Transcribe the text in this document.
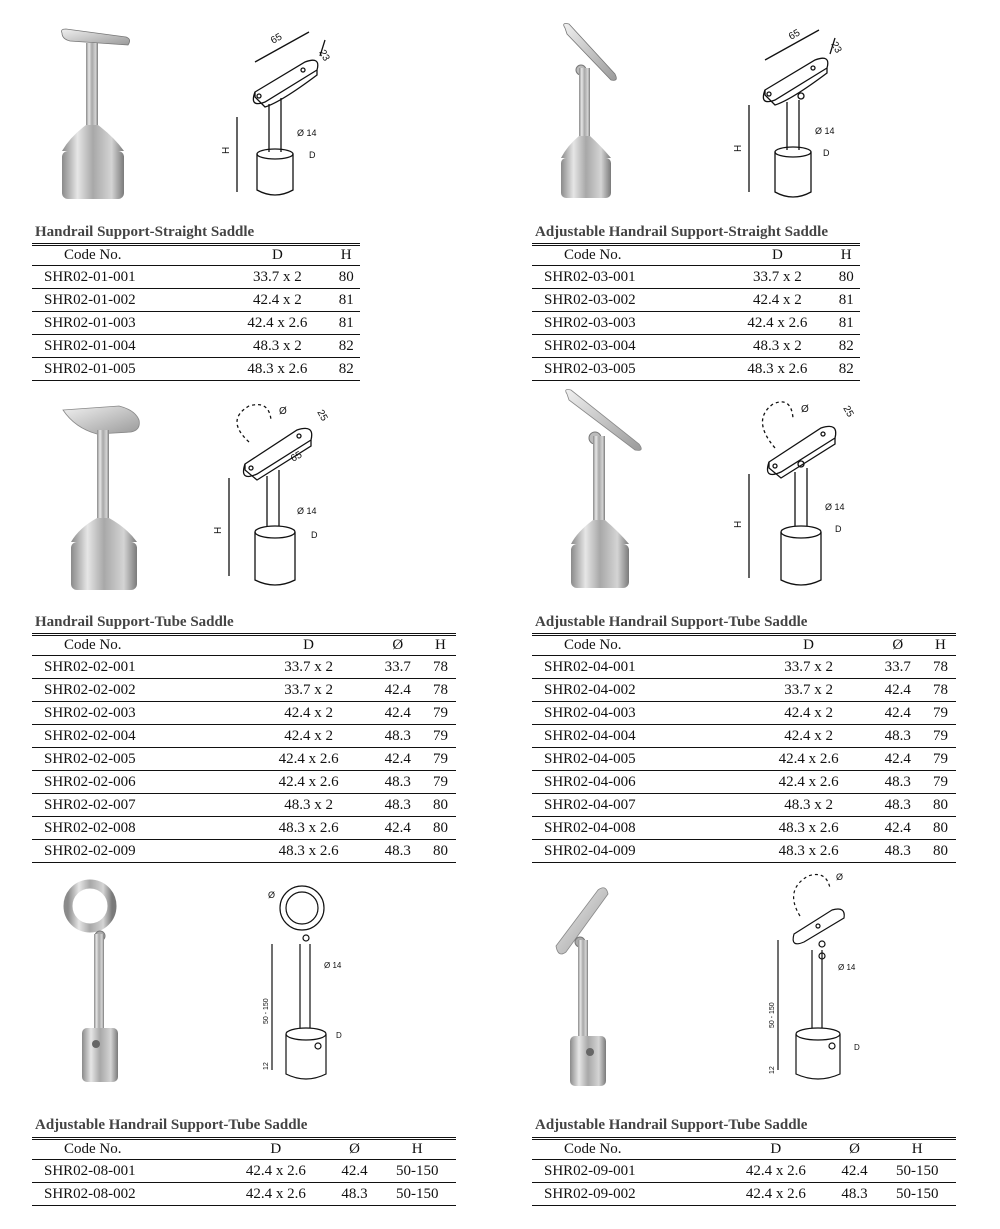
65
23
Ø 14
D
H
Handrail Support-Straight Saddle
Code No.	D	H
SHR02-01-001	33.7 x 2	80
SHR02-01-002	42.4 x 2	81
SHR02-01-003	42.4 x 2.6	81
SHR02-01-004	48.3 x 2	82
SHR02-01-005	48.3 x 2.6	82
65
23
Ø 14
D
H
Adjustable Handrail Support-Straight Saddle
Code No.	D	H
SHR02-03-001	33.7 x 2	80
SHR02-03-002	42.4 x 2	81
SHR02-03-003	42.4 x 2.6	81
SHR02-03-004	48.3 x 2	82
SHR02-03-005	48.3 x 2.6	82
Ø	25
65
Ø 14
D
H
Handrail Support-Tube Saddle
Code No.	D	Ø	H
SHR02-02-001	33.7 x 2	33.7	78
SHR02-02-002	33.7 x 2	42.4	78
SHR02-02-003	42.4 x 2	42.4	79
SHR02-02-004	42.4 x 2	48.3	79
SHR02-02-005	42.4 x 2.6	42.4	79
SHR02-02-006	42.4 x 2.6	48.3	79
SHR02-02-007	48.3 x 2	48.3	80
SHR02-02-008	48.3 x 2.6	42.4	80
SHR02-02-009	48.3 x 2.6	48.3	80
Ø	25
Ø 14
D
H
Adjustable Handrail Support-Tube Saddle
Code No.	D	Ø	H
SHR02-04-001	33.7 x 2	33.7	78
SHR02-04-002	33.7 x 2	42.4	78
SHR02-04-003	42.4 x 2	42.4	79
SHR02-04-004	42.4 x 2	48.3	79
SHR02-04-005	42.4 x 2.6	42.4	79
SHR02-04-006	42.4 x 2.6	48.3	79
SHR02-04-007	48.3 x 2	48.3	80
SHR02-04-008	48.3 x 2.6	42.4	80
SHR02-04-009	48.3 x 2.6	48.3	80
Ø
Ø 14
D
50 - 150
12
Adjustable Handrail Support-Tube Saddle
Code No.	D	Ø	H
SHR02-08-001	42.4 x 2.6	42.4	50-150
SHR02-08-002	42.4 x 2.6	48.3	50-150
Ø
Ø 14
D
50 - 150
12
Adjustable Handrail Support-Tube Saddle
Code No.	D	Ø	H
SHR02-09-001	42.4 x 2.6	42.4	50-150
SHR02-09-002	42.4 x 2.6	48.3	50-150
